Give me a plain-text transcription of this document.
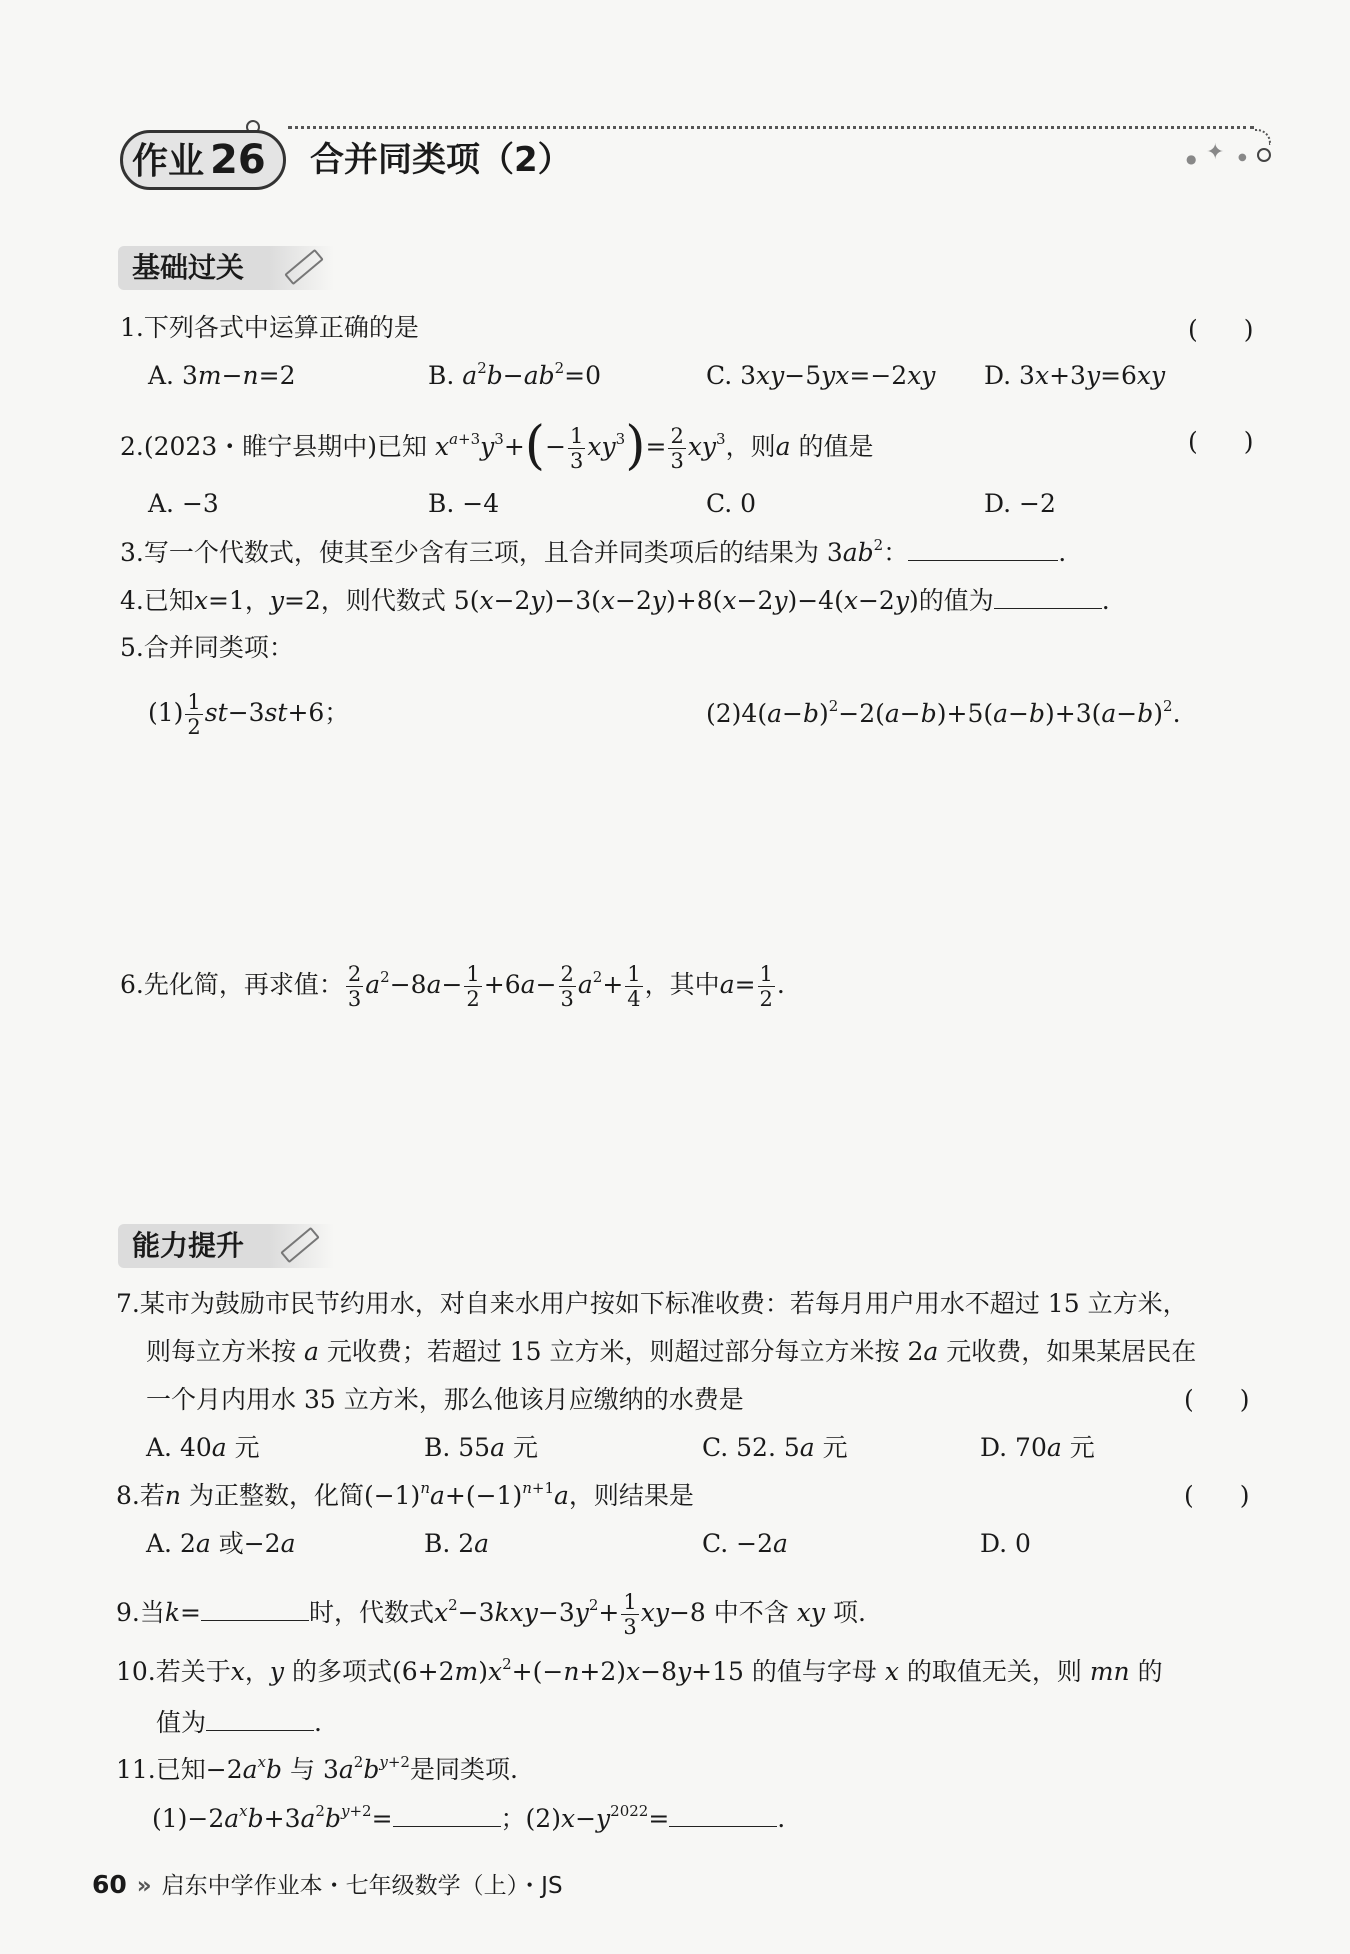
✦
●	●
作业 26 合并同类项（2）
基础过关
1.下列各式中运算正确的是	( )
A. 3m−n=2	B. $a^2b-ab^2=0$	C. 3xy−5yx=−2xy D. 3x+3y=6xy
2.(2023・睢宁县期中)已知 $x^{a+3}y^3+(- \frac{1}{3} xy^3)= \frac{2}{3} xy^3$，则a 的值是	( )
A. −3	B. −4	C. 0	D. −2
3.写一个代数式，使其至少含有三项，且合并同类项后的结果为 $3ab^2$：	.
4.已知x=1，y=2，则代数式 5(x−2y)−3(x−2y)+8(x−2y)−4(x−2y)的值为	.
5.合并同类项：
$(1) \frac{1}{2} st-3st+6$；	$(2)4(a-b)^2-2(a-b)+5(a-b)+3(a-b)^2$.
6.先化简，再求值： $\frac{2}{3} a^2-8a- \frac{1}{2} +6a- \frac{2}{3} a^2+ \frac{1}{4}$ ，其中$a= \frac{1}{2}$ .
能力提升
7.某市为鼓励市民节约用水，对自来水用户按如下标准收费：若每月用户用水不超过 15 立方米，
则每立方米按 a 元收费；若超过 15 立方米，则超过部分每立方米按 2a 元收费，如果某居民在
一个月内用水 35 立方米，那么他该月应缴纳的水费是	( )
A. 40a 元	B. 55a 元	C. 52. 5a 元	D. 70a 元
8.若n 为正整数，化简$(-1)^na+(-1)^{n+1}a$，则结果是	( )
A. 2a 或−2a	B. 2a	C. −2a	D. 0
9.当k=	时，代数式$x^2-3kxy-3y^2+ \frac{1}{3} xy-8$ 中不含 xy 项.
10.若关于x，y 的多项式$(6+2m)x^2+(-n+2)x-8y+15$ 的值与字母 x 的取值无关，则 mn 的
值为	.
11.已知$-2a^xb$ 与 $3a^2b^{y+2}$是同类项.
$(1)-2a^xb+3a^2b^{y+2}=$	；$(2)x-y^{2022}=$	.
60 » 启东中学作业本・七年级数学（上）・JS
